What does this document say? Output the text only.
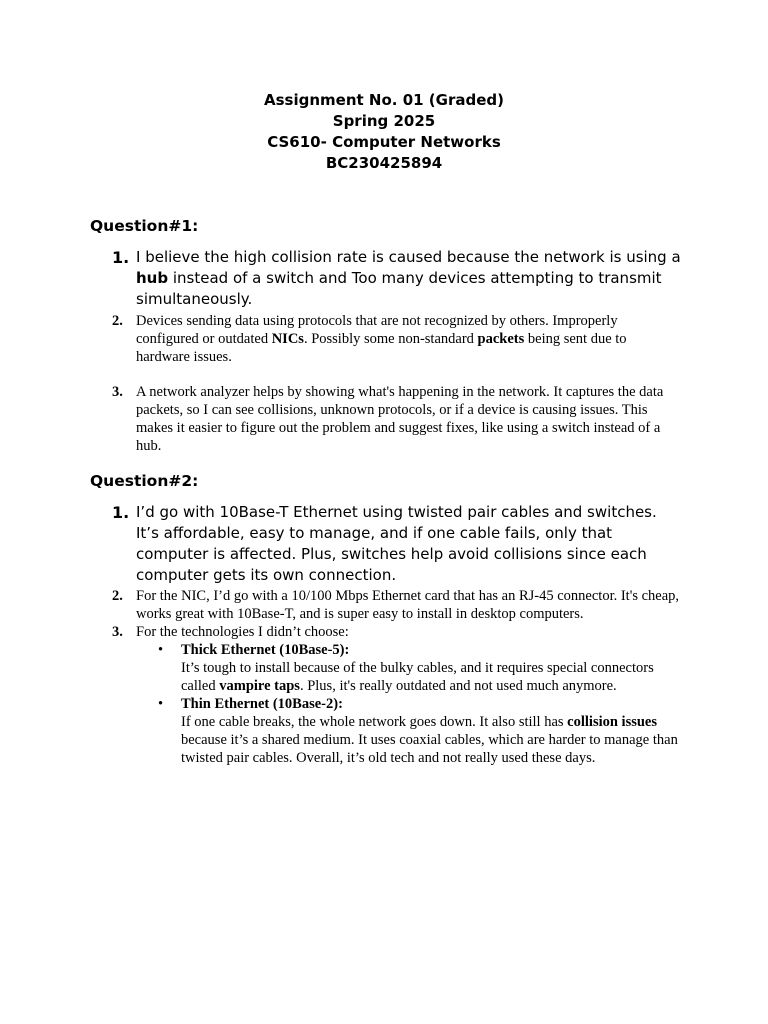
Assignment No. 01 (Graded)
Spring 2025
CS610- Computer Networks
BC230425894
Question#1:
1. I believe the high collision rate is caused because the network is using a hub instead of a switch and Too many devices attempting to transmit simultaneously.
2. Devices sending data using protocols that are not recognized by others. Improperly configured or outdated NICs. Possibly some non-standard packets being sent due to hardware issues.
3. A network analyzer helps by showing what's happening in the network. It captures the data packets, so I can see collisions, unknown protocols, or if a device is causing issues. This makes it easier to figure out the problem and suggest fixes, like using a switch instead of a hub.
Question#2:
1. I’d go with 10Base-T Ethernet using twisted pair cables and switches. It’s affordable, easy to manage, and if one cable fails, only that computer is affected. Plus, switches help avoid collisions since each computer gets its own connection.
2. For the NIC, I’d go with a 10/100 Mbps Ethernet card that has an RJ-45 connector. It's cheap, works great with 10Base-T, and is super easy to install in desktop computers.
3. For the technologies I didn’t choose:
• Thick Ethernet (10Base-5):
It’s tough to install because of the bulky cables, and it requires special connectors called vampire taps. Plus, it's really outdated and not used much anymore.
• Thin Ethernet (10Base-2):
If one cable breaks, the whole network goes down. It also still has collision issues because it’s a shared medium. It uses coaxial cables, which are harder to manage than twisted pair cables. Overall, it’s old tech and not really used these days.
